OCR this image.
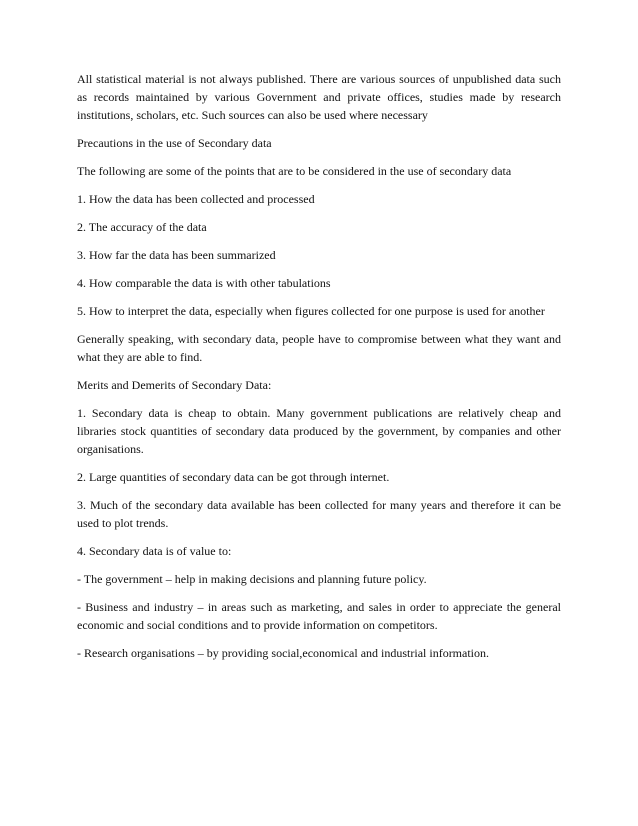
All statistical material is not always published. There are various sources of unpublished data such as records maintained by various Government and private offices, studies made by research institutions, scholars, etc. Such sources can also be used where necessary

Precautions in the use of Secondary data

The following are some of the points that are to be considered in the use of secondary data

1. How the data has been collected and processed

2. The accuracy of the data

3. How far the data has been summarized

4. How comparable the data is with other tabulations

5. How to interpret the data, especially when figures collected for one purpose is used for another

Generally speaking, with secondary data, people have to compromise between what they want and what they are able to find.

Merits and Demerits of Secondary Data:

1. Secondary data is cheap to obtain. Many government publications are relatively cheap and libraries stock quantities of secondary data produced by the government, by companies and other organisations.

2. Large quantities of secondary data can be got through internet.

3. Much of the secondary data available has been collected for many years and therefore it can be used to plot trends.

4. Secondary data is of value to:

- The government – help in making decisions and planning future policy.

- Business and industry – in areas such as marketing, and sales in order to appreciate the general economic and social conditions and to provide information on competitors.

- Research organisations – by providing social,economical and industrial information.
